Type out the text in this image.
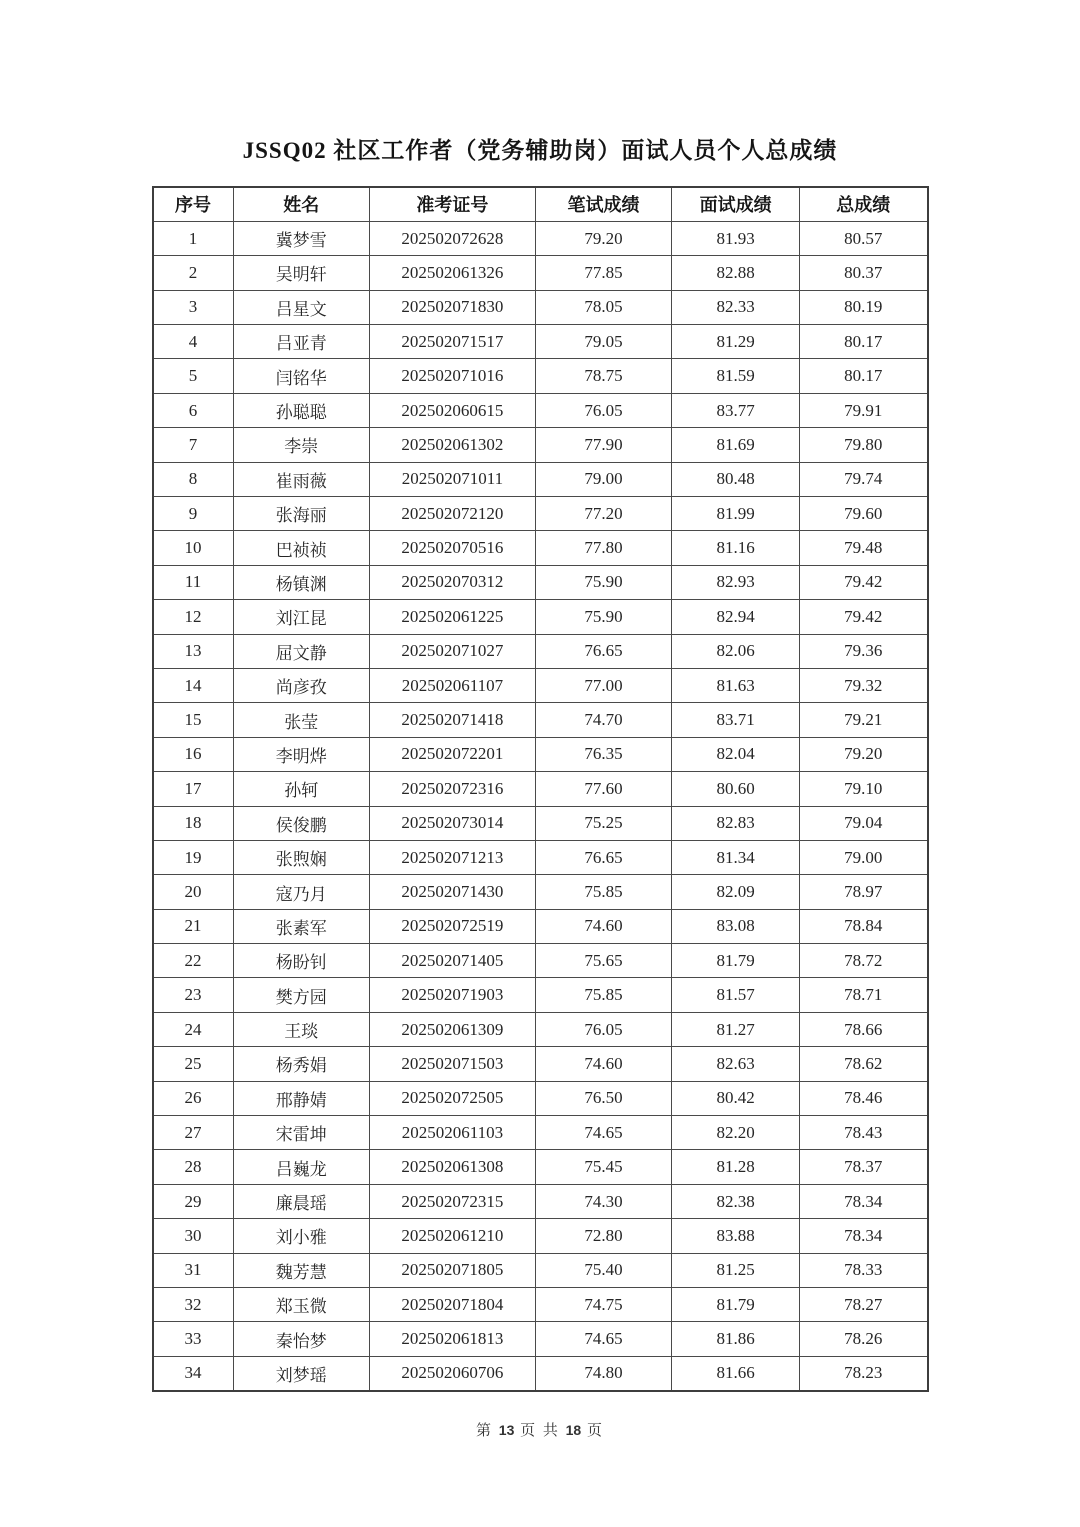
JSSQ02 社区工作者（党务辅助岗）面试人员个人总成绩
序号	姓名	准考证号	笔试成绩	面试成绩	总成绩
1	冀梦雪	202502072628	79.20	81.93	80.57
2	吴明轩	202502061326	77.85	82.88	80.37
3	吕星文	202502071830	78.05	82.33	80.19
4	吕亚青	202502071517	79.05	81.29	80.17
5	闫铭华	202502071016	78.75	81.59	80.17
6	孙聪聪	202502060615	76.05	83.77	79.91
7	李崇	202502061302	77.90	81.69	79.80
8	崔雨薇	202502071011	79.00	80.48	79.74
9	张海丽	202502072120	77.20	81.99	79.60
10	巴祯祯	202502070516	77.80	81.16	79.48
11	杨镇渊	202502070312	75.90	82.93	79.42
12	刘江昆	202502061225	75.90	82.94	79.42
13	屈文静	202502071027	76.65	82.06	79.36
14	尚彦孜	202502061107	77.00	81.63	79.32
15	张莹	202502071418	74.70	83.71	79.21
16	李明烨	202502072201	76.35	82.04	79.20
17	孙轲	202502072316	77.60	80.60	79.10
18	侯俊鹏	202502073014	75.25	82.83	79.04
19	张煦娴	202502071213	76.65	81.34	79.00
20	寇乃月	202502071430	75.85	82.09	78.97
21	张素军	202502072519	74.60	83.08	78.84
22	杨盼钊	202502071405	75.65	81.79	78.72
23	樊方园	202502071903	75.85	81.57	78.71
24	王琰	202502061309	76.05	81.27	78.66
25	杨秀娟	202502071503	74.60	82.63	78.62
26	邢静婧	202502072505	76.50	80.42	78.46
27	宋雷坤	202502061103	74.65	82.20	78.43
28	吕巍龙	202502061308	75.45	81.28	78.37
29	廉晨瑶	202502072315	74.30	82.38	78.34
30	刘小雅	202502061210	72.80	83.88	78.34
31	魏芳慧	202502071805	75.40	81.25	78.33
32	郑玉微	202502071804	74.75	81.79	78.27
33	秦怡梦	202502061813	74.65	81.86	78.26
34	刘梦瑶	202502060706	74.80	81.66	78.23
第 13 页 共 18 页
